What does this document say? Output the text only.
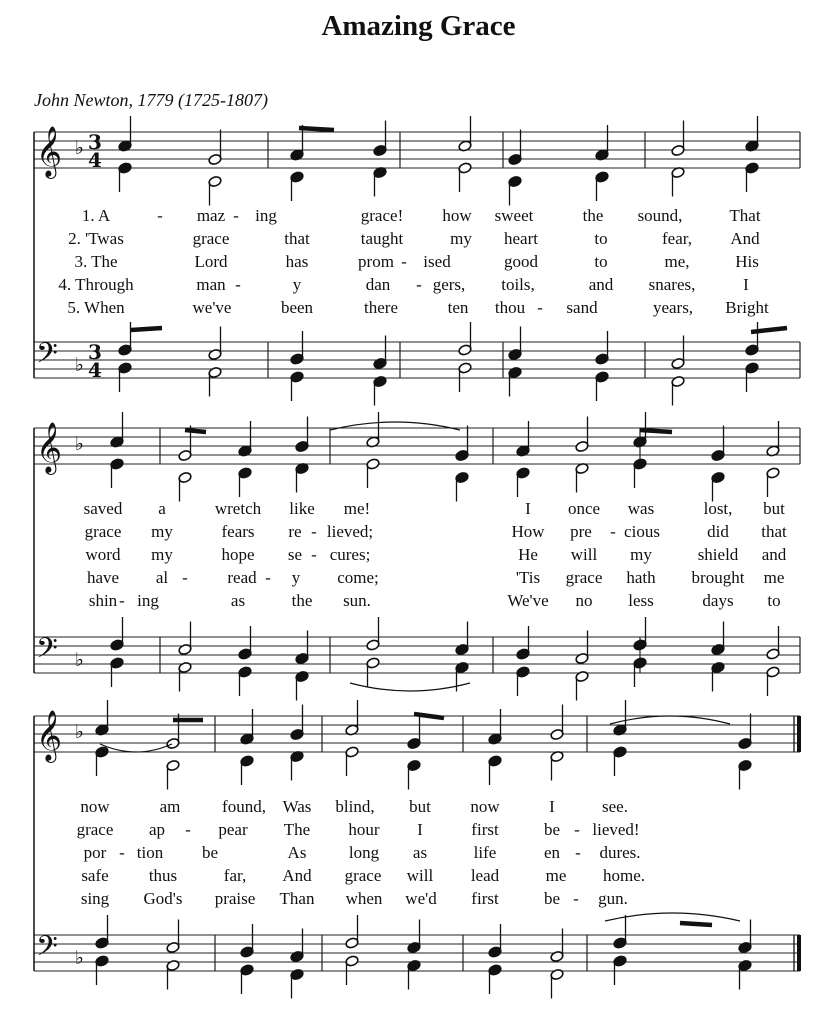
Amazing Grace
John Newton, 1779 (1725-1807)
𝄞
𝄢
♭
♭
3
4
3
4
𝄞
𝄢
♭
♭
𝄞
𝄢
♭
♭
1. A	- maz - ing	grace! how sweet	the sound,	That
2. 'Twas	grace	that	taught	my heart	to	fear, And
3. The	Lord	has	prom - ised	good	to	me,	His
4. Through	man -	y	dan - gers, toils,	and snares,	I
5. When	we've	been	there	ten thou - sand	years, Bright
saved a	wretch like me!	I once was	lost, but
grace my	fears re - lieved;	How pre - cious	did that
word my	hope se - cures;	He will my	shield and
have al - read - y come;	'Tis grace hath brought me
shin - ing	as	the sun.	We've no less	days to
now	am found, Was blind, but now	I	see.
grace ap - pear The hour I	first	be - lieved!
por - tion be	As long as	life	en - dures.
safe thus	far, And grace will lead	me home.
sing God's praise Than when we'd first	be - gun.
